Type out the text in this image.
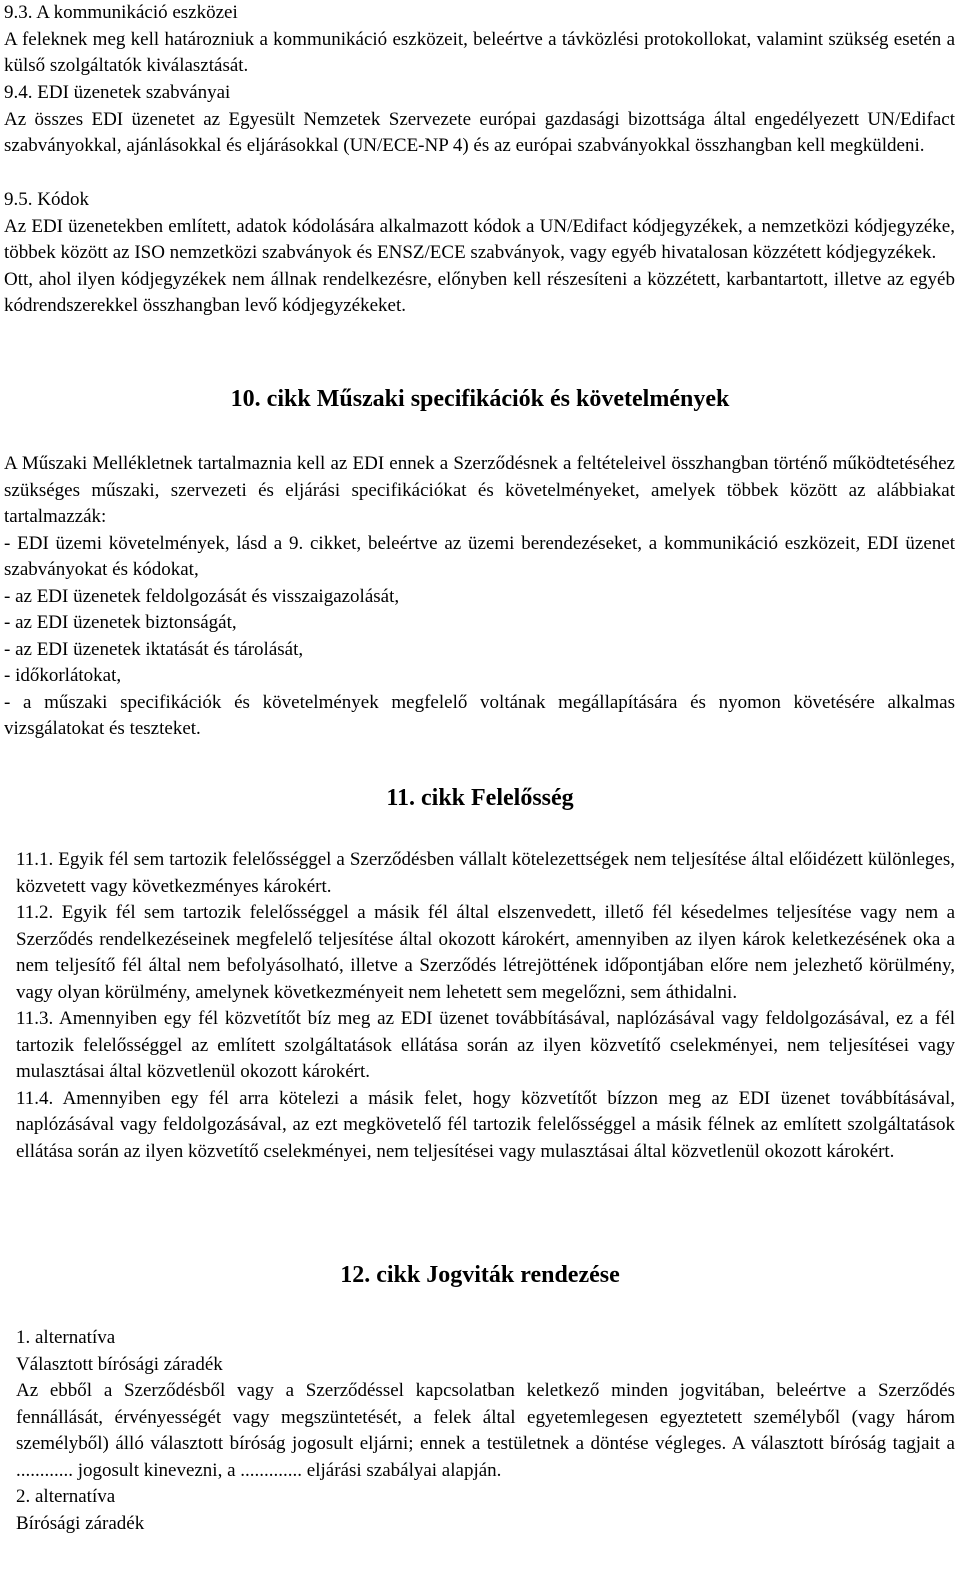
9.3. A kommunikáció eszközei

A feleknek meg kell határozniuk a kommunikáció eszközeit, beleértve a távközlési protokollokat, valamint szükség esetén a külső szolgáltatók kiválasztását.

9.4. EDI üzenetek szabványai

Az összes EDI üzenetet az Egyesült Nemzetek Szervezete európai gazdasági bizottsága által engedélyezett UN/Edifact szabványokkal, ajánlásokkal és eljárásokkal (UN/ECE-NP 4) és az európai szabványokkal összhangban kell megküldeni.

9.5. Kódok

Az EDI üzenetekben említett, adatok kódolására alkalmazott kódok a UN/Edifact kódjegyzékek, a nemzetközi kódjegyzéke, többek között az ISO nemzetközi szabványok és ENSZ/ECE szabványok, vagy egyéb hivatalosan közzétett kódjegyzékek.

Ott, ahol ilyen kódjegyzékek nem állnak rendelkezésre, előnyben kell részesíteni a közzétett, karbantartott, illetve az egyéb kódrendszerekkel összhangban levő kódjegyzékeket.

10. cikk Műszaki specifikációk és követelmények

A Műszaki Mellékletnek tartalmaznia kell az EDI ennek a Szerződésnek a feltételeivel összhangban történő működtetéséhez szükséges műszaki, szervezeti és eljárási specifikációkat és követelményeket, amelyek többek között az alábbiakat tartalmazzák:

- EDI üzemi követelmények, lásd a 9. cikket, beleértve az üzemi berendezéseket, a kommunikáció eszközeit, EDI üzenet szabványokat és kódokat,

- az EDI üzenetek feldolgozását és visszaigazolását,

- az EDI üzenetek biztonságát,

- az EDI üzenetek iktatását és tárolását,

- időkorlátokat,

- a műszaki specifikációk és követelmények megfelelő voltának megállapítására és nyomon követésére alkalmas vizsgálatokat és teszteket.

11. cikk Felelősség

11.1. Egyik fél sem tartozik felelősséggel a Szerződésben vállalt kötelezettségek nem teljesítése által előidézett különleges, közvetett vagy következményes károkért.

11.2. Egyik fél sem tartozik felelősséggel a másik fél által elszenvedett, illető fél késedelmes teljesítése vagy nem a Szerződés rendelkezéseinek megfelelő teljesítése által okozott károkért, amennyiben az ilyen károk keletkezésének oka a nem teljesítő fél által nem befolyásolható, illetve a Szerződés létrejöttének időpontjában előre nem jelezhető körülmény, vagy olyan körülmény, amelynek következményeit nem lehetett sem megelőzni, sem áthidalni.

11.3. Amennyiben egy fél közvetítőt bíz meg az EDI üzenet továbbításával, naplózásával vagy feldolgozásával, ez a fél tartozik felelősséggel az említett szolgáltatások ellátása során az ilyen közvetítő cselekményei, nem teljesítései vagy mulasztásai által közvetlenül okozott károkért.

11.4. Amennyiben egy fél arra kötelezi a másik felet, hogy közvetítőt bízzon meg az EDI üzenet továbbításával, naplózásával vagy feldolgozásával, az ezt megkövetelő fél tartozik felelősséggel a másik félnek az említett szolgáltatások ellátása során az ilyen közvetítő cselekményei, nem teljesítései vagy mulasztásai által közvetlenül okozott károkért.

12. cikk Jogviták rendezése

1. alternatíva

Választott bírósági záradék

Az ebből a Szerződésből vagy a Szerződéssel kapcsolatban keletkező minden jogvitában, beleértve a Szerződés fennállását, érvényességét vagy megszüntetését, a felek által egyetemlegesen egyeztetett személyből (vagy három személyből) álló választott bíróság jogosult eljárni; ennek a testületnek a döntése végleges. A választott bíróság tagjait a ............ jogosult kinevezni, a ............. eljárási szabályai alapján.

2. alternatíva

Bírósági záradék
